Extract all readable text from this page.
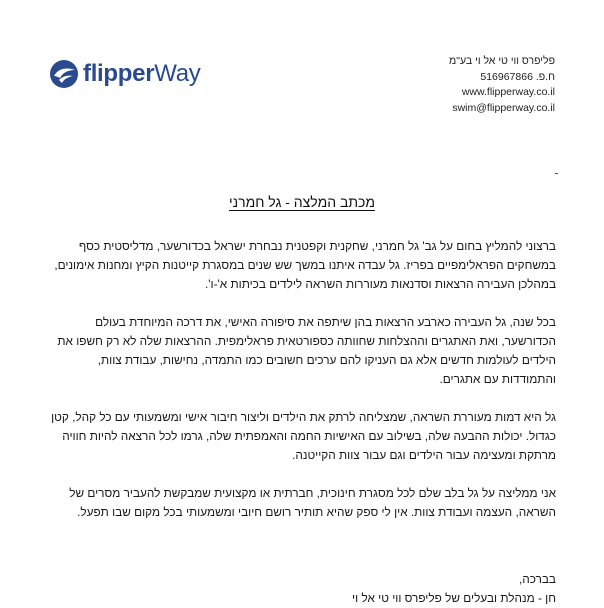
flipperWay	פליפרס ווי טי אל וי בע"מ
ח.פ. 516967866
www.flipperway.co.il
swim@flipperway.co.il
מכתב המלצה - גל חמרני

ברצוני להמליץ בחום על גב' גל חמרני, שחקנית וקפטנית נבחרת ישראל בכדורשער, מדליסטית כסף במשחקים הפראלימפיים בפריז. גל עבדה איתנו במשך שש שנים במסגרת קייטנות הקיץ ומחנות אימונים, במהלכן העבירה הרצאות וסדנאות מעוררות השראה לילדים בכיתות א'-ו'.

בכל שנה, גל העבירה כארבע הרצאות בהן שיתפה את סיפורה האישי, את דרכה המיוחדת בעולם הכדורשער, ואת האתגרים וההצלחות שחוותה כספורטאית פראלימפית. ההרצאות שלה לא רק חשפו את הילדים לעולמות חדשים אלא גם העניקו להם ערכים חשובים כמו התמדה, נחישות, עבודת צוות, והתמודדות עם אתגרים.

גל היא דמות מעוררת השראה, שמצליחה לרתק את הילדים וליצור חיבור אישי ומשמעותי עם כל קהל, קטן כגדול. יכולות ההבעה שלה, בשילוב עם האישיות החמה והאמפתית שלה, גרמו לכל הרצאה להיות חוויה מרתקת ומעצימה עבור הילדים וגם עבור צוות הקייטנה.

אני ממליצה על גל בלב שלם לכל מסגרת חינוכית, חברתית או מקצועית שמבקשת להעביר מסרים של השראה, העצמה ועבודת צוות. אין לי ספק שהיא תותיר רושם חיובי ומשמעותי בכל מקום שבו תפעל.

בברכה,
חן - מנהלת ובעלים של פליפרס ווי טי אל וי
